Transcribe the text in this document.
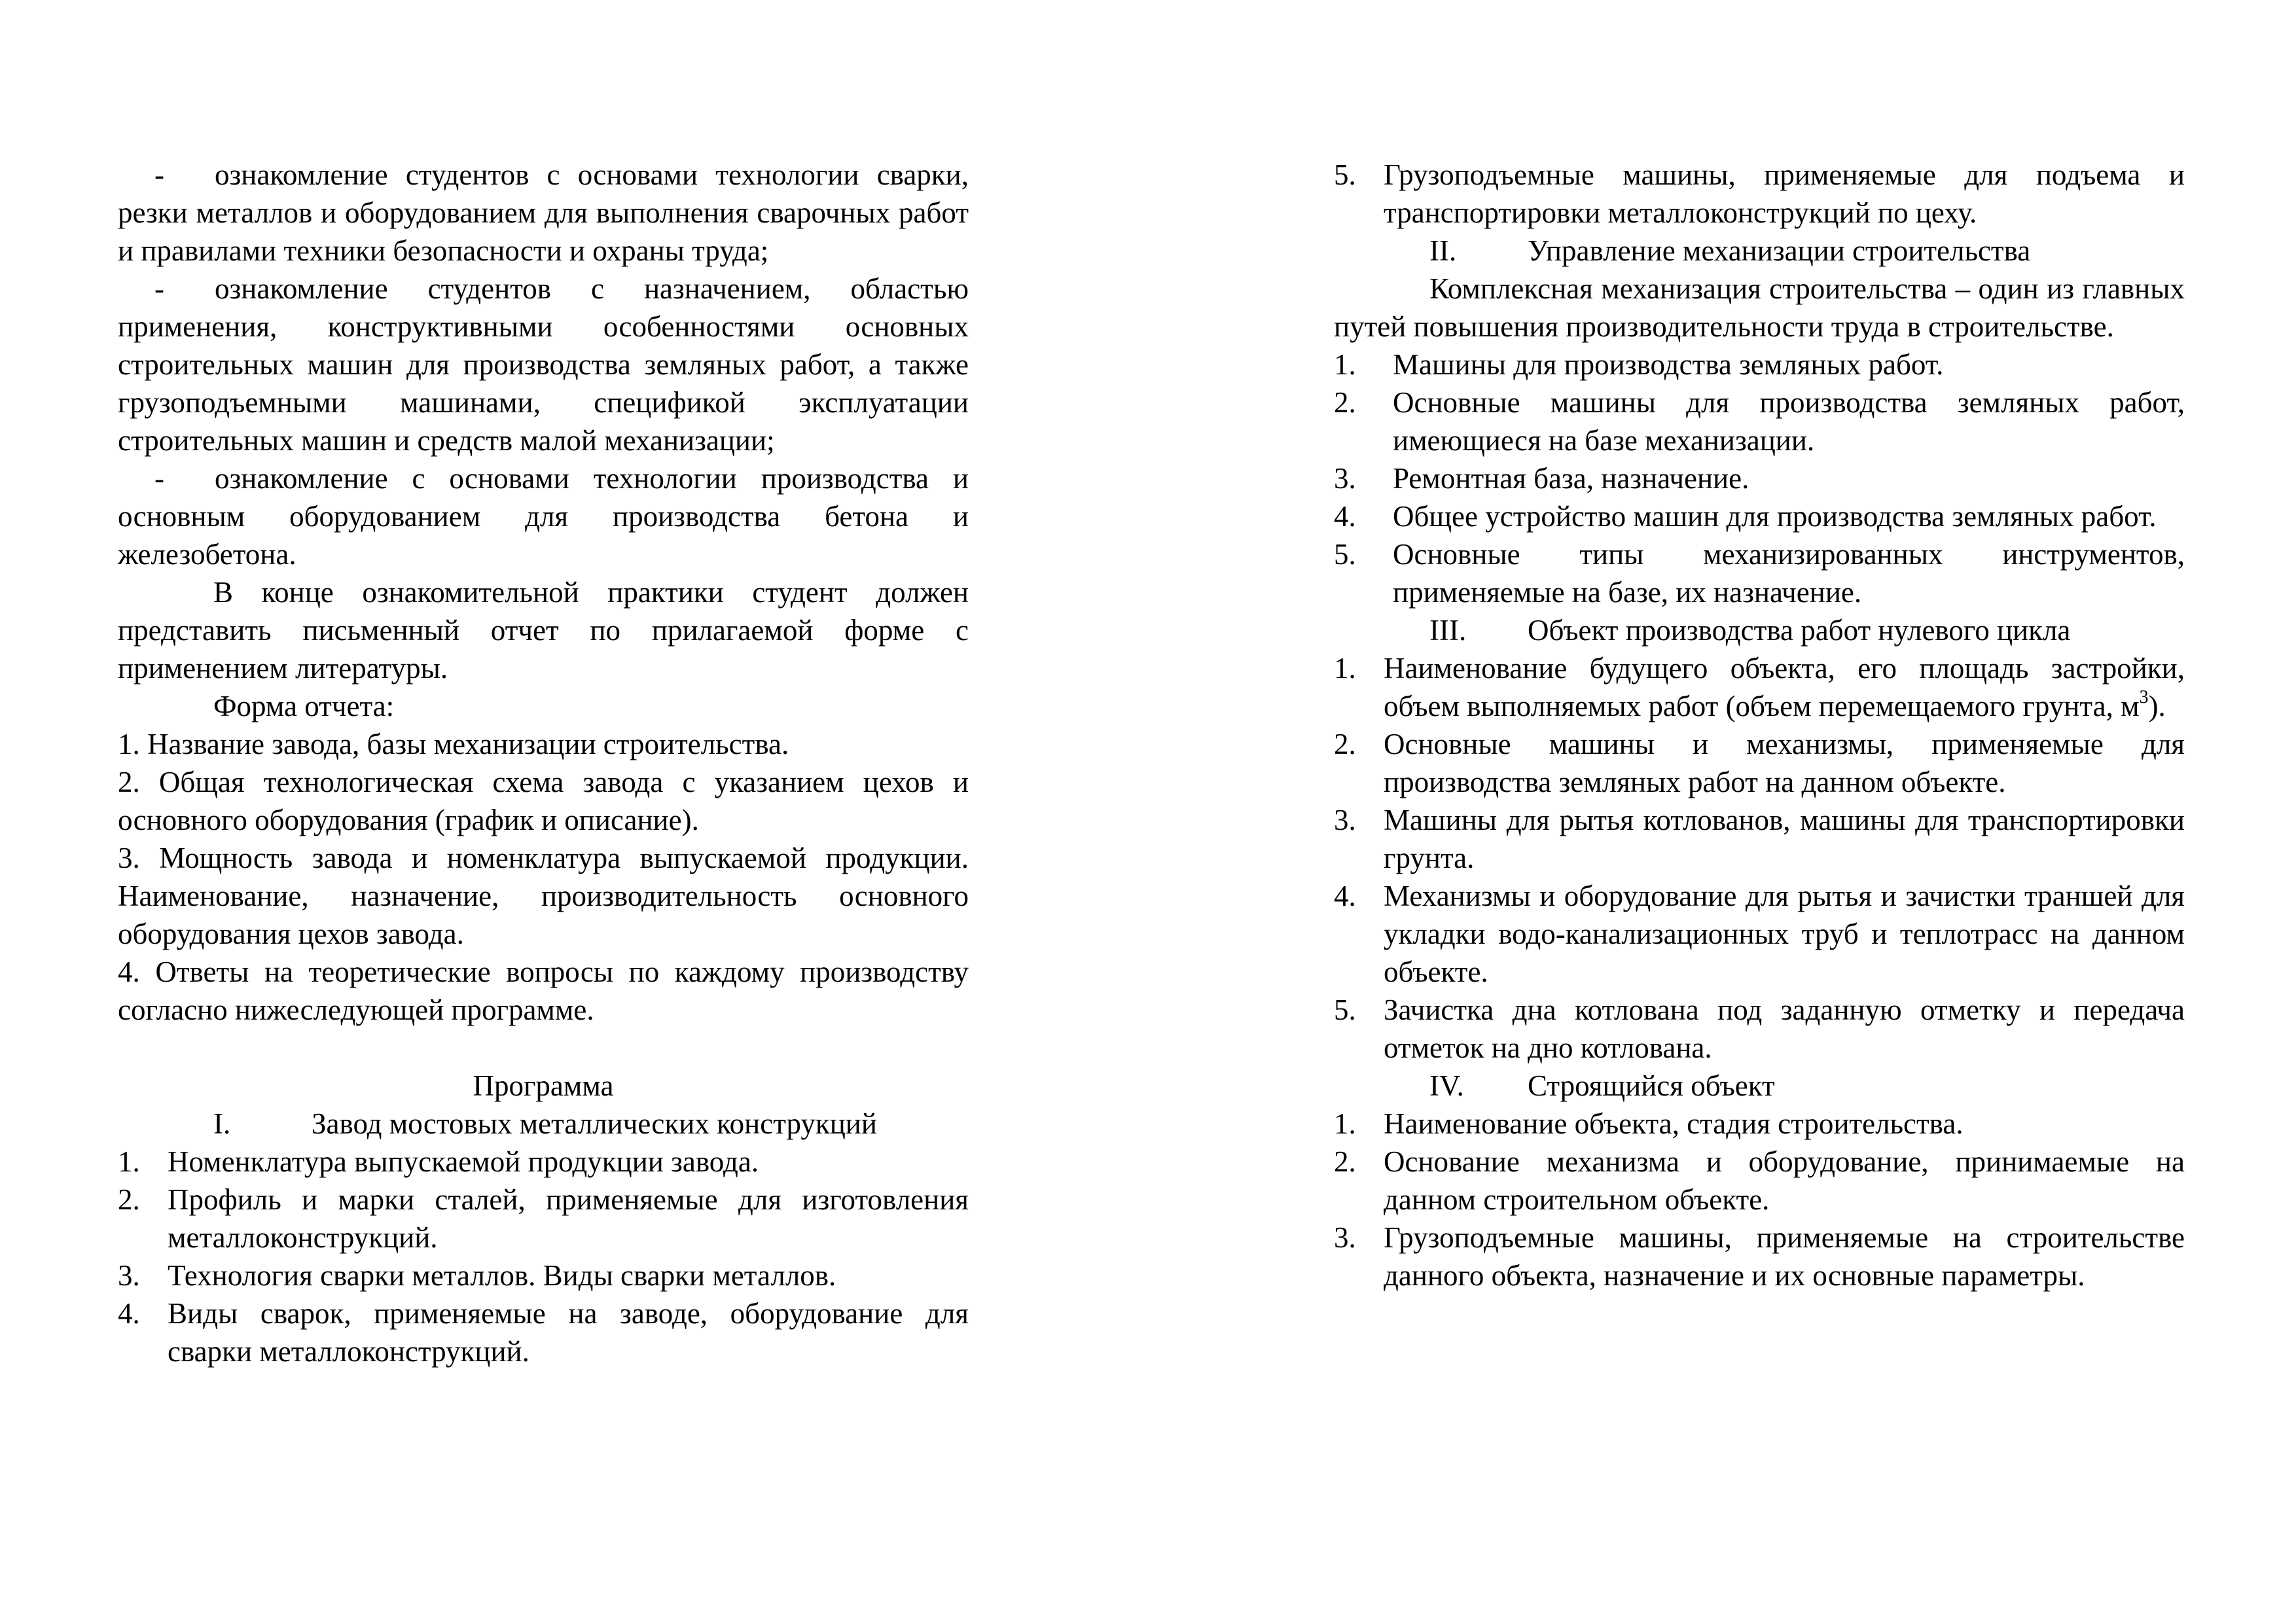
- ознакомление студентов с основами технологии сварки, резки металлов и оборудованием для выполнения сварочных работ и правилами техники безопасности и охраны труда;

- ознакомление студентов с назначением, областью применения, конструктивными особенностями основных строительных машин для производства земляных работ, а также грузоподъемными машинами, спецификой эксплуатации строительных машин и средств малой механизации;

- ознакомление с основами технологии производства и основным оборудованием для производства бетона и железобетона.

В конце ознакомительной практики студент должен представить письменный отчет по прилагаемой форме с применением литературы.

Форма отчета:

1. Название завода, базы механизации строительства.

2. Общая технологическая схема завода с указанием цехов и основного оборудования (график и описание).

3. Мощность завода и номенклатура выпускаемой продукции. Наименование, назначение, производительность основного оборудования цехов завода.

4. Ответы на теоретические вопросы по каждому производству согласно нижеследующей программе.

Программа

I.	Завод мостовых металлических конструкций

1. Номенклатура выпускаемой продукции завода.
2. Профиль и марки сталей, применяемые для изготовления металлоконструкций.
3. Технология сварки металлов. Виды сварки металлов.
4. Виды сварок, применяемые на заводе, оборудование для сварки металлоконструкций.
5. Грузоподъемные машины, применяемые для подъема и транспортировки металлоконструкций по цеху.

II. Управление механизации строительства

Комплексная механизация строительства – один из главных путей повышения производительности труда в строительстве.

1. Машины для производства земляных работ.
2. Основные машины для производства земляных работ, имеющиеся на базе механизации.
3. Ремонтная база, назначение.
4. Общее устройство машин для производства земляных работ.
5. Основные типы механизированных инструментов, применяемые на базе, их назначение.

III. Объект производства работ нулевого цикла

1. Наименование будущего объекта, его площадь застройки, объем выполняемых работ (объем перемещаемого грунта, $м^3$).
2. Основные машины и механизмы, применяемые для производства земляных работ на данном объекте.
3. Машины для рытья котлованов, машины для транспортировки грунта.
4. Механизмы и оборудование для рытья и зачистки траншей для укладки водо-канализационных труб и теплотрасс на данном объекте.
5. Зачистка дна котлована под заданную отметку и передача отметок на дно котлована.

IV. Строящийся объект

1. Наименование объекта, стадия строительства.
2. Основание механизма и оборудование, принимаемые на данном строительном объекте.
3. Грузоподъемные машины, применяемые на строительстве данного объекта, назначение и их основные параметры.
